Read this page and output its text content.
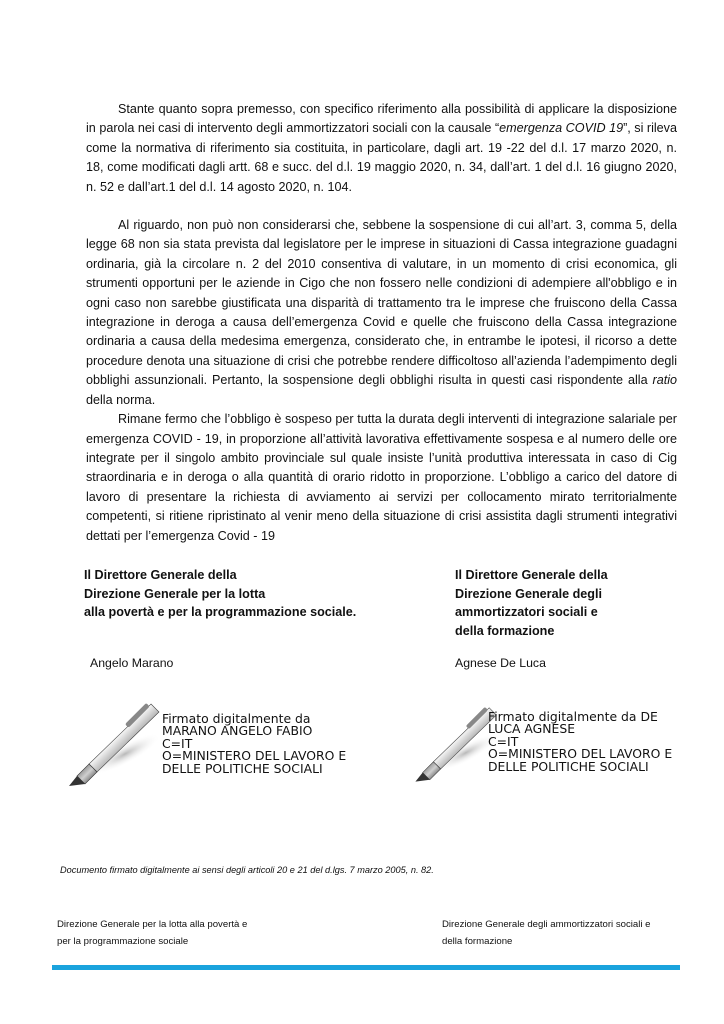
Stante quanto sopra premesso, con specifico riferimento alla possibilità di applicare la disposizione in parola nei casi di intervento degli ammortizzatori sociali con la causale “emergenza COVID 19”, si rileva come la normativa di riferimento sia costituita, in particolare, dagli art. 19 -22 del d.l. 17 marzo 2020, n. 18, come modificati dagli artt. 68 e succ. del d.l. 19 maggio 2020, n. 34, dall’art. 1 del d.l. 16 giugno 2020, n. 52 e dall’art.1 del d.l. 14 agosto 2020, n. 104.

Al riguardo, non può non considerarsi che, sebbene la sospensione di cui all’art. 3, comma 5, della legge 68 non sia stata prevista dal legislatore per le imprese in situazioni di Cassa integrazione guadagni ordinaria, già la circolare n. 2 del 2010 consentiva di valutare, in un momento di crisi economica, gli strumenti opportuni per le aziende in Cigo che non fossero nelle condizioni di adempiere all'obbligo e in ogni caso non sarebbe giustificata una disparità di trattamento tra le imprese che fruiscono della Cassa integrazione in deroga a causa dell’emergenza Covid e quelle che fruiscono della Cassa integrazione ordinaria a causa della medesima emergenza, considerato che, in entrambe le ipotesi, il ricorso a dette procedure denota una situazione di crisi che potrebbe rendere difficoltoso all’azienda l’adempimento degli obblighi assunzionali. Pertanto, la sospensione degli obblighi risulta in questi casi rispondente alla ratio della norma.

Rimane fermo che l’obbligo è sospeso per tutta la durata degli interventi di integrazione salariale per emergenza COVID - 19, in proporzione all’attività lavorativa effettivamente sospesa e al numero delle ore integrate per il singolo ambito provinciale sul quale insiste l’unità produttiva interessata in caso di Cig straordinaria e in deroga o alla quantità di orario ridotto in proporzione. L’obbligo a carico del datore di lavoro di presentare la richiesta di avviamento ai servizi per collocamento mirato territorialmente competenti, si ritiene ripristinato al venir meno della situazione di crisi assistita dagli strumenti integrativi dettati per l’emergenza Covid - 19

Il Direttore Generale della
Direzione Generale per la lotta
alla povertà e per la programmazione sociale.
Il Direttore Generale della
Direzione Generale degli
ammortizzatori sociali e
della formazione
Angelo Marano	Agnese De Luca
Firmato digitalmente da
MARANO ANGELO FABIO
C=IT
O=MINISTERO DEL LAVORO E
DELLE POLITICHE SOCIALI
Firmato digitalmente da DE
LUCA AGNESE
C=IT
O=MINISTERO DEL LAVORO E
DELLE POLITICHE SOCIALI
Documento firmato digitalmente ai sensi degli articoli 20 e 21 del d.lgs. 7 marzo 2005, n. 82.
Direzione Generale per la lotta alla povertà e
per la programmazione sociale
Direzione Generale degli ammortizzatori sociali e
della formazione
